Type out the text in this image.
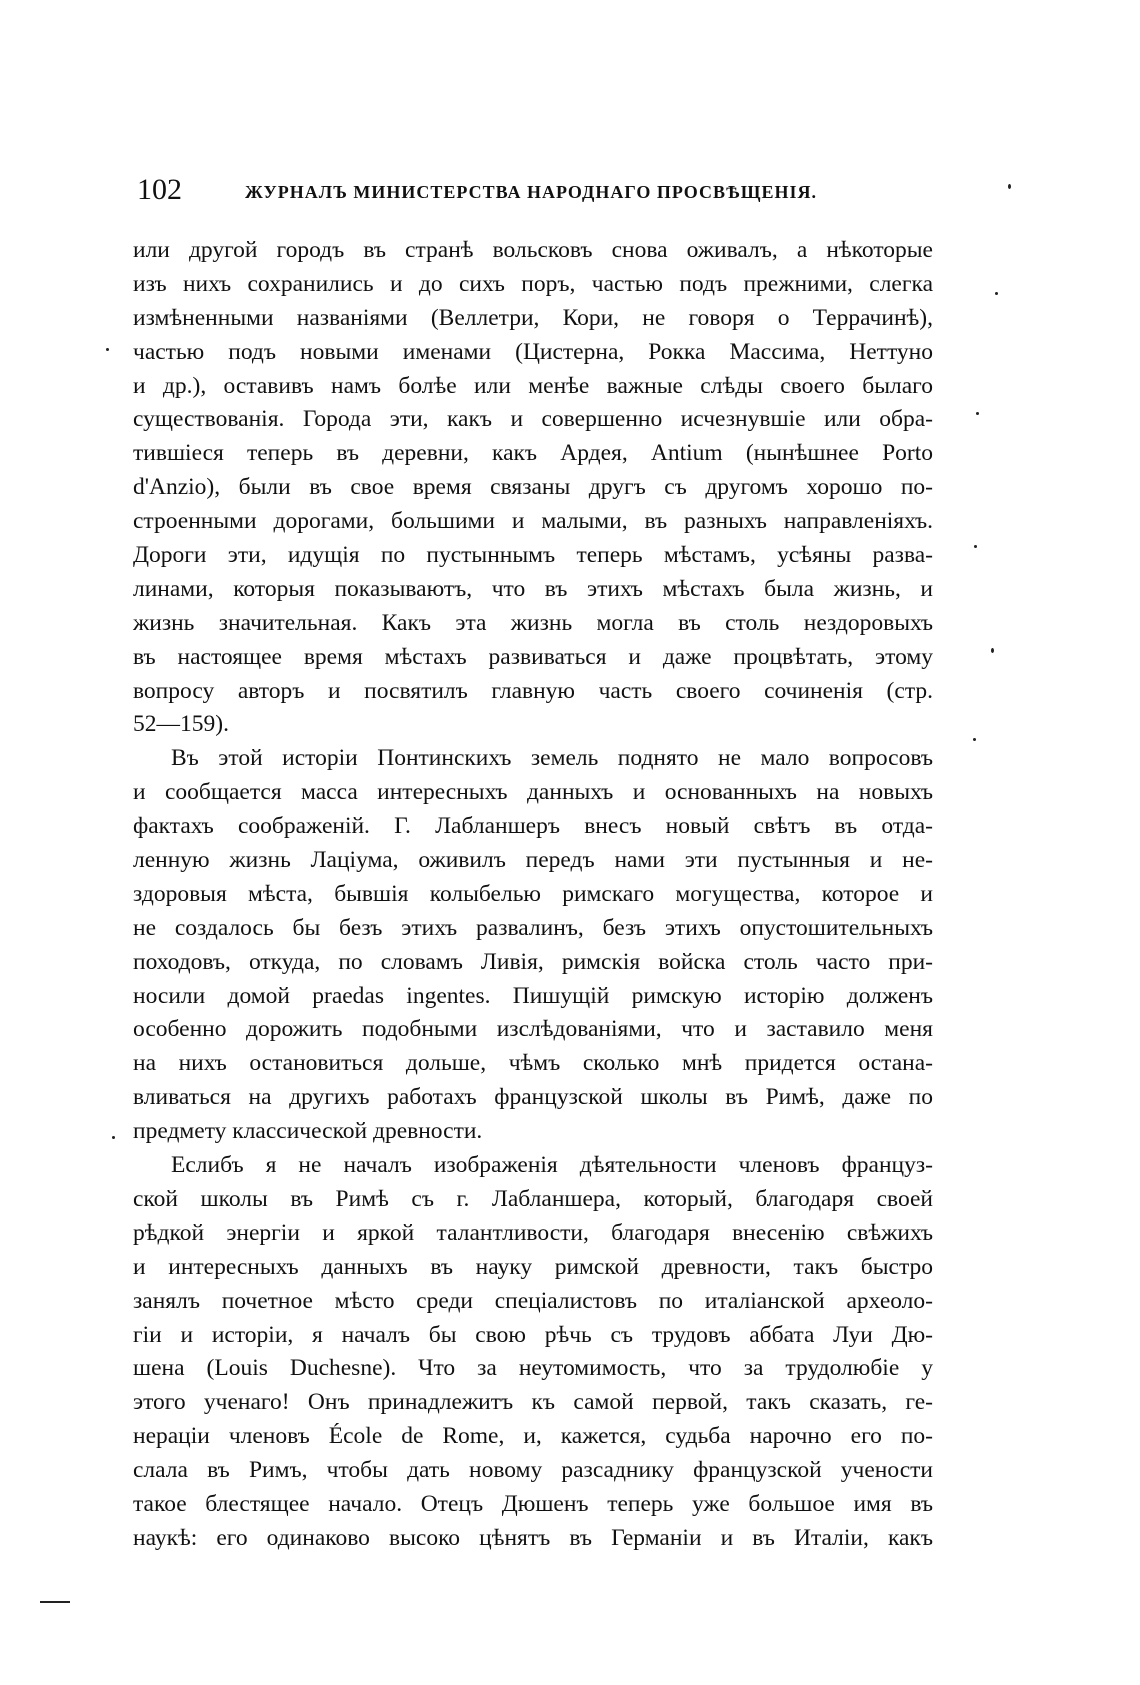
102	ЖУРНАЛЪ МИНИСТЕРСТВА НАРОДНАГО ПРОСВѢЩЕНІЯ.
или другой городъ въ странѣ вольсковъ снова оживалъ, а нѣкоторые
изъ нихъ сохранились и до сихъ поръ, частью подъ прежними, слегка
измѣненными названіями (Веллетри, Кори, не говоря о Террачинѣ),
частью подъ новыми именами (Цистерна, Рокка Массима, Неттуно
и др.), оставивъ намъ болѣе или менѣе важные слѣды своего былаго
существованія. Города эти, какъ и совершенно исчезнувшіе или обра-
тившіеся теперь въ деревни, какъ Ардея, Antium (нынѣшнее Porto
d'Anzio), были въ свое время связаны другъ съ другомъ хорошо по-
строенными дорогами, большими и малыми, въ разныхъ направленіяхъ.
Дороги эти, идущія по пустыннымъ теперь мѣстамъ, усѣяны разва-
линами, которыя показываютъ, что въ этихъ мѣстахъ была жизнь, и
жизнь значительная. Какъ эта жизнь могла въ столь нездоровыхъ
въ настоящее время мѣстахъ развиваться и даже процвѣтать, этому
вопросу авторъ и посвятилъ главную часть своего сочиненія (стр.
52—159).
Въ этой исторіи Понтинскихъ земель поднято не мало вопросовъ
и сообщается масса интересныхъ данныхъ и основанныхъ на новыхъ
фактахъ соображеній. Г. Лабланшеръ внесъ новый свѣтъ въ отда-
ленную жизнь Лаціума, оживилъ передъ нами эти пустынныя и не-
здоровыя мѣста, бывшія колыбелью римскаго могущества, которое и
не создалось бы безъ этихъ развалинъ, безъ этихъ опустошительныхъ
походовъ, откуда, по словамъ Ливія, римскія войска столь часто при-
носили домой praedas ingentes. Пишущій римскую исторію долженъ
особенно дорожить подобными изслѣдованіями, что и заставило меня
на нихъ остановиться дольше, чѣмъ сколько мнѣ придется остана-
вливаться на другихъ работахъ французской школы въ Римѣ, даже по
предмету классической древности.
Еслибъ я не началъ изображенія дѣятельности членовъ француз-
ской школы въ Римѣ съ г. Лабланшера, который, благодаря своей
рѣдкой энергіи и яркой талантливости, благодаря внесенію свѣжихъ
и интересныхъ данныхъ въ науку римской древности, такъ быстро
занялъ почетное мѣсто среди спеціалистовъ по италіанской археоло-
гіи и исторіи, я началъ бы свою рѣчь съ трудовъ аббата Луи Дю-
шена (Louis Duchesne). Что за неутомимость, что за трудолюбіе у
этого ученаго! Онъ принадлежитъ къ самой первой, такъ сказать, ге-
нераціи членовъ École de Rome, и, кажется, судьба нарочно его по-
слала въ Римъ, чтобы дать новому разсаднику французской учености
такое блестящее начало. Отецъ Дюшенъ теперь уже большое имя въ
наукѣ: его одинаково высоко цѣнятъ въ Германіи и въ Италіи, какъ
